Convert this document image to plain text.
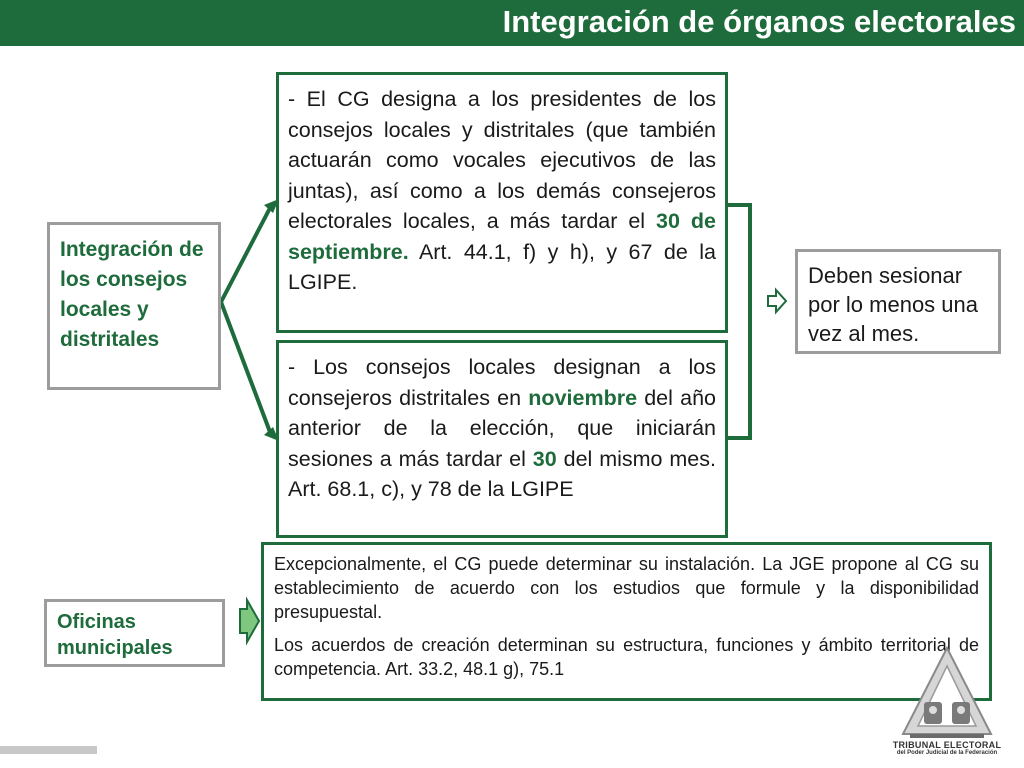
Integración de órganos electorales
Integración de los consejos locales y distritales
Oficinas municipales
- El CG designa a los presidentes de los consejos locales y distritales (que también actuarán como vocales ejecutivos de las juntas), así como a los demás consejeros electorales locales, a más tardar el 30 de septiembre. Art. 44.1, f) y h), y 67 de la LGIPE.
- Los consejos locales designan a los consejeros distritales en noviembre del año anterior de la elección, que iniciarán sesiones a más tardar el 30 del mismo mes. Art. 68.1, c), y 78 de la LGIPE
Deben sesionar por lo menos una vez al mes.

Excepcionalmente, el CG puede determinar su instalación. La JGE propone al CG su establecimiento de acuerdo con los estudios que formule y la disponibilidad presupuestal.

Los acuerdos de creación determinan su estructura, funciones y ámbito territorial de competencia. Art. 33.2, 48.1 g), 75.1

TRIBUNAL ELECTORAL
del Poder Judicial de la Federación
